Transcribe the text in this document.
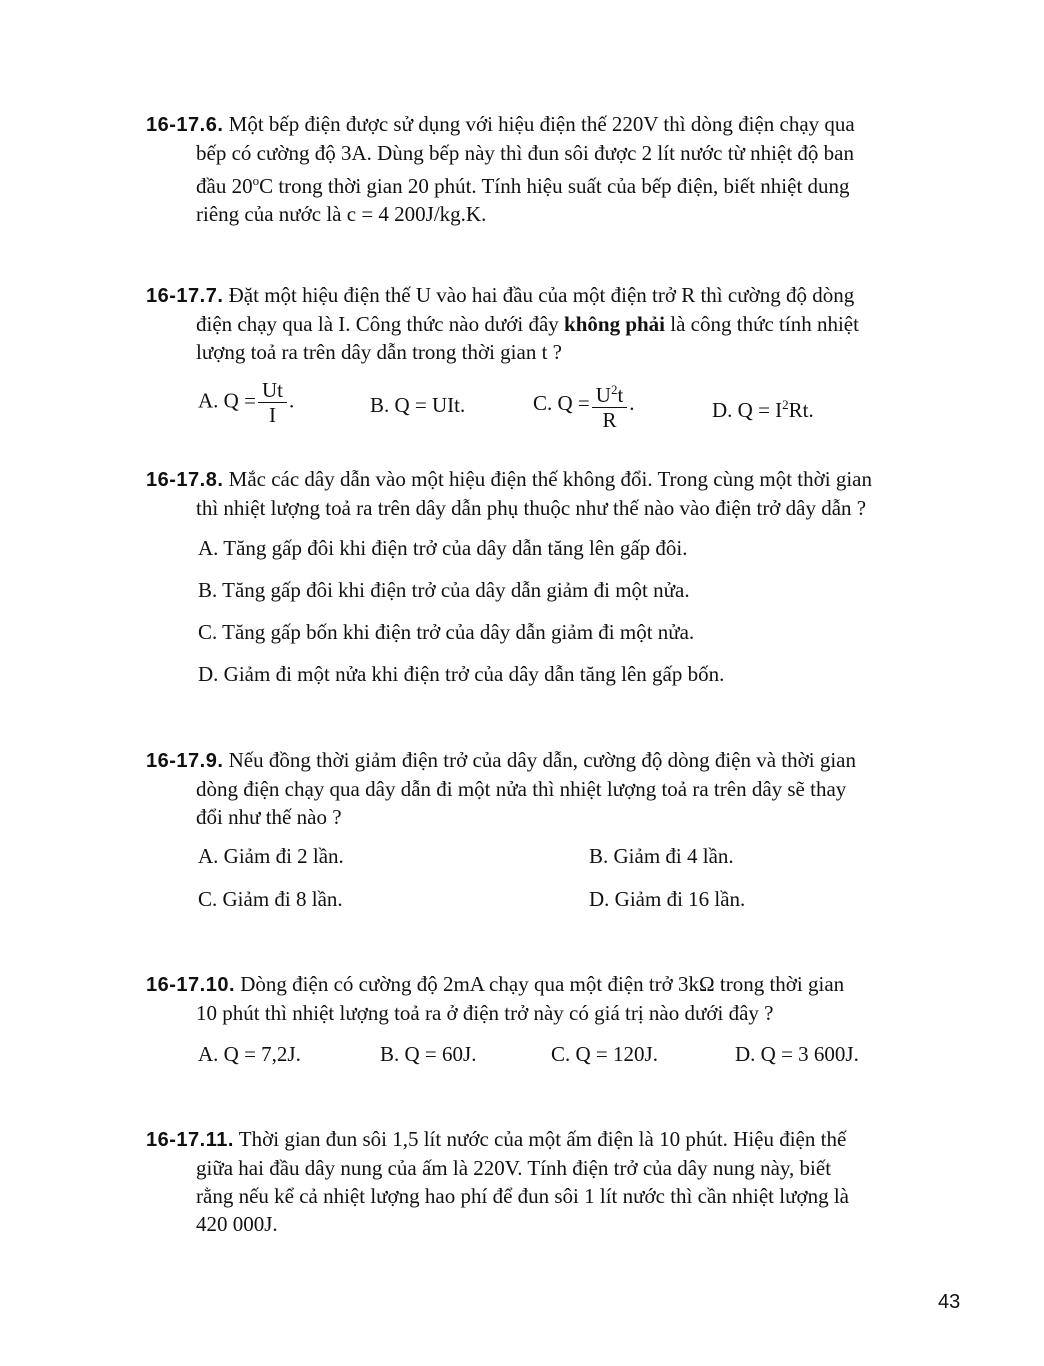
16-17.6. Một bếp điện được sử dụng với hiệu điện thế 220V thì dòng điện chạy qua
bếp có cường độ 3A. Dùng bếp này thì đun sôi được 2 lít nước từ nhiệt độ ban
đầu 20$^o$C trong thời gian 20 phút. Tính hiệu suất của bếp điện, biết nhiệt dung
riêng của nước là c = 4 200J/kg.K.
16-17.7. Đặt một hiệu điện thế U vào hai đầu của một điện trở R thì cường độ dòng
điện chạy qua là I. Công thức nào dưới đây không phải là công thức tính nhiệt
lượng toả ra trên dây dẫn trong thời gian t ?
A. $Q = \frac{Ut}{I}$ .	B. Q = UIt.	C. $Q = \frac{U^2t}{R}$ .	D. $Q = I^2Rt$.
16-17.8. Mắc các dây dẫn vào một hiệu điện thế không đổi. Trong cùng một thời gian
thì nhiệt lượng toả ra trên dây dẫn phụ thuộc như thế nào vào điện trở dây dẫn ?
A. Tăng gấp đôi khi điện trở của dây dẫn tăng lên gấp đôi.
B. Tăng gấp đôi khi điện trở của dây dẫn giảm đi một nửa.
C. Tăng gấp bốn khi điện trở của dây dẫn giảm đi một nửa.
D. Giảm đi một nửa khi điện trở của dây dẫn tăng lên gấp bốn.
16-17.9. Nếu đồng thời giảm điện trở của dây dẫn, cường độ dòng điện và thời gian
dòng điện chạy qua dây dẫn đi một nửa thì nhiệt lượng toả ra trên dây sẽ thay
đổi như thế nào ?
A. Giảm đi 2 lần.	B. Giảm đi 4 lần.
C. Giảm đi 8 lần.	D. Giảm đi 16 lần.
16-17.10. Dòng điện có cường độ 2mA chạy qua một điện trở 3kΩ trong thời gian
10 phút thì nhiệt lượng toả ra ở điện trở này có giá trị nào dưới đây ?
A. Q = 7,2J.	B. Q = 60J.	C. Q = 120J.	D. Q = 3 600J.
16-17.11. Thời gian đun sôi 1,5 lít nước của một ấm điện là 10 phút. Hiệu điện thế
giữa hai đầu dây nung của ấm là 220V. Tính điện trở của dây nung này, biết
rằng nếu kể cả nhiệt lượng hao phí để đun sôi 1 lít nước thì cần nhiệt lượng là
420 000J.
43
